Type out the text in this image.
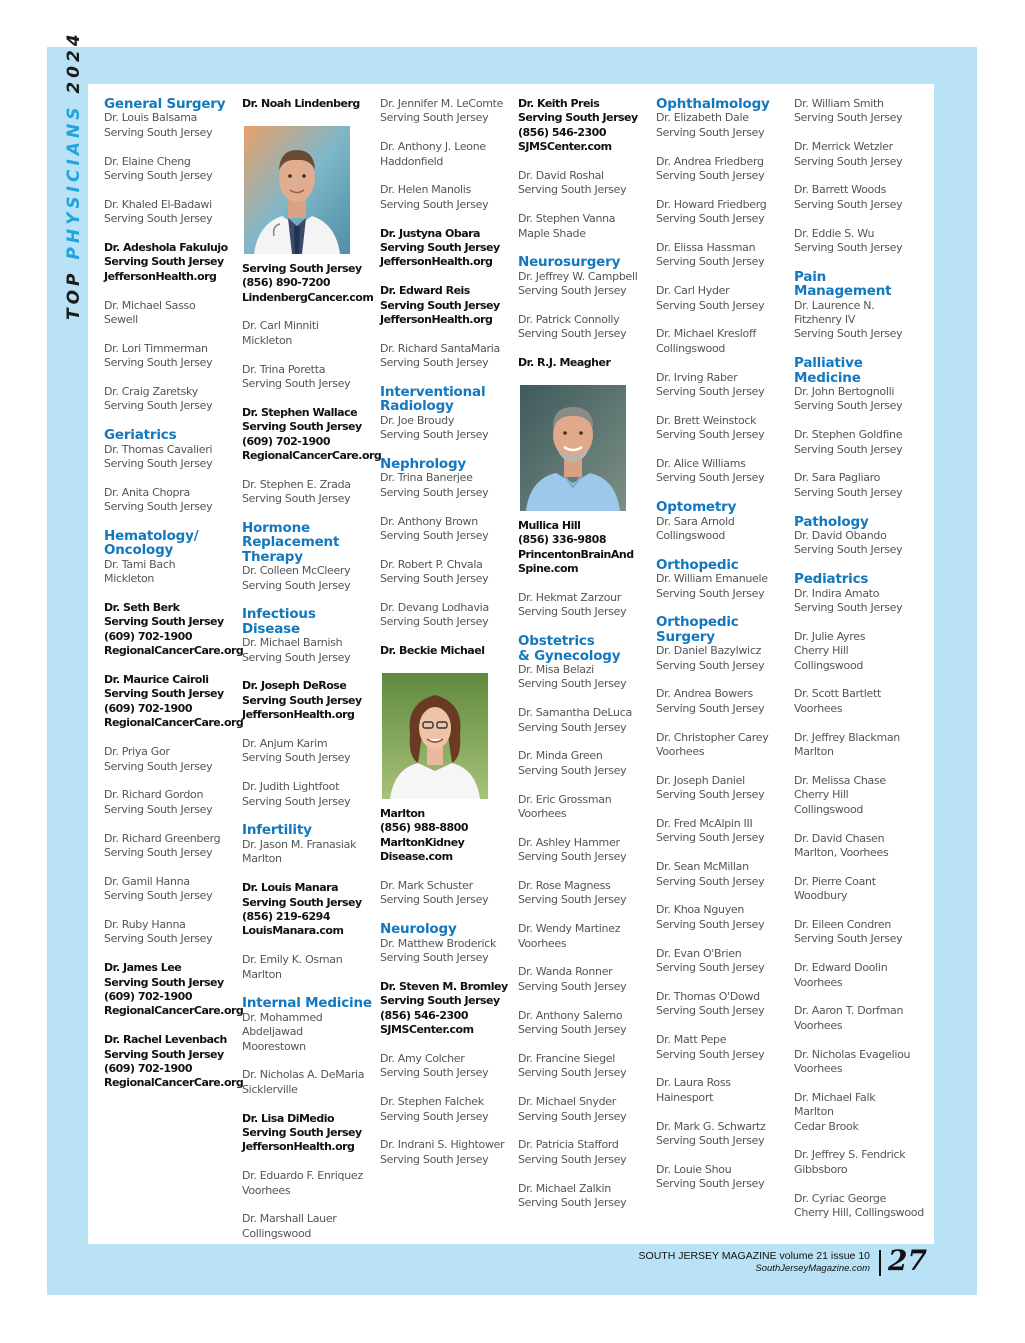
TOP PHYSICIANS 2024
General Surgery
Dr. Louis Balsama
Serving South Jersey
Dr. Elaine Cheng
Serving South Jersey
Dr. Khaled El-Badawi
Serving South Jersey
Dr. Adeshola Fakulujo
Serving South Jersey
JeffersonHealth.org
Dr. Michael Sasso
Sewell
Dr. Lori Timmerman
Serving South Jersey
Dr. Craig Zaretsky
Serving South Jersey
Geriatrics
Dr. Thomas Cavalieri
Serving South Jersey
Dr. Anita Chopra
Serving South Jersey
Hematology/
Oncology
Dr. Tami Bach
Mickleton
Dr. Seth Berk
Serving South Jersey
(609) 702-1900
RegionalCancerCare.org
Dr. Maurice Cairoli
Serving South Jersey
(609) 702-1900
RegionalCancerCare.org
Dr. Priya Gor
Serving South Jersey
Dr. Richard Gordon
Serving South Jersey
Dr. Richard Greenberg
Serving South Jersey
Dr. Gamil Hanna
Serving South Jersey
Dr. Ruby Hanna
Serving South Jersey
Dr. James Lee
Serving South Jersey
(609) 702-1900
RegionalCancerCare.org
Dr. Rachel Levenbach
Serving South Jersey
(609) 702-1900
RegionalCancerCare.org
Dr. Noah Lindenberg
Serving South Jersey
(856) 890-7200
LindenbergCancer.com
Dr. Carl Minniti
Mickleton
Dr. Trina Poretta
Serving South Jersey
Dr. Stephen Wallace
Serving South Jersey
(609) 702-1900
RegionalCancerCare.org
Dr. Stephen E. Zrada
Serving South Jersey
Hormone
Replacement
Therapy
Dr. Colleen McCleery
Serving South Jersey
Infectious
Disease
Dr. Michael Barnish
Serving South Jersey
Dr. Joseph DeRose
Serving South Jersey
JeffersonHealth.org
Dr. Anjum Karim
Serving South Jersey
Dr. Judith Lightfoot
Serving South Jersey
Infertility
Dr. Jason M. Franasiak
Marlton
Dr. Louis Manara
Serving South Jersey
(856) 219-6294
LouisManara.com
Dr. Emily K. Osman
Marlton
Internal Medicine
Dr. Mohammed
Abdeljawad
Moorestown
Dr. Nicholas A. DeMaria
Sicklerville
Dr. Lisa DiMedio
Serving South Jersey
JeffersonHealth.org
Dr. Eduardo F. Enriquez
Voorhees
Dr. Marshall Lauer
Collingswood
Dr. Jennifer M. LeComte
Serving South Jersey
Dr. Anthony J. Leone
Haddonfield
Dr. Helen Manolis
Serving South Jersey
Dr. Justyna Obara
Serving South Jersey
JeffersonHealth.org
Dr. Edward Reis
Serving South Jersey
JeffersonHealth.org
Dr. Richard SantaMaria
Serving South Jersey
Interventional
Radiology
Dr. Joe Broudy
Serving South Jersey
Nephrology
Dr. Trina Banerjee
Serving South Jersey
Dr. Anthony Brown
Serving South Jersey
Dr. Robert P. Chvala
Serving South Jersey
Dr. Devang Lodhavia
Serving South Jersey
Dr. Beckie Michael
Marlton
(856) 988-8800
MarltonKidney
Disease.com
Dr. Mark Schuster
Serving South Jersey
Neurology
Dr. Matthew Broderick
Serving South Jersey
Dr. Steven M. Bromley
Serving South Jersey
(856) 546-2300
SJMSCenter.com
Dr. Amy Colcher
Serving South Jersey
Dr. Stephen Falchek
Serving South Jersey
Dr. Indrani S. Hightower
Serving South Jersey
Dr. Keith Preis
Serving South Jersey
(856) 546-2300
SJMSCenter.com
Dr. David Roshal
Serving South Jersey
Dr. Stephen Vanna
Maple Shade
Neurosurgery
Dr. Jeffrey W. Campbell
Serving South Jersey
Dr. Patrick Connolly
Serving South Jersey
Dr. R.J. Meagher
Mullica Hill
(856) 336-9808
PrincentonBrainAnd
Spine.com
Dr. Hekmat Zarzour
Serving South Jersey
Obstetrics
& Gynecology
Dr. Misa Belazi
Serving South Jersey
Dr. Samantha DeLuca
Serving South Jersey
Dr. Minda Green
Serving South Jersey
Dr. Eric Grossman
Voorhees
Dr. Ashley Hammer
Serving South Jersey
Dr. Rose Magness
Serving South Jersey
Dr. Wendy Martinez
Voorhees
Dr. Wanda Ronner
Serving South Jersey
Dr. Anthony Salerno
Serving South Jersey
Dr. Francine Siegel
Serving South Jersey
Dr. Michael Snyder
Serving South Jersey
Dr. Patricia Stafford
Serving South Jersey
Dr. Michael Zalkin
Serving South Jersey
Ophthalmology
Dr. Elizabeth Dale
Serving South Jersey
Dr. Andrea Friedberg
Serving South Jersey
Dr. Howard Friedberg
Serving South Jersey
Dr. Elissa Hassman
Serving South Jersey
Dr. Carl Hyder
Serving South Jersey
Dr. Michael Kresloff
Collingswood
Dr. Irving Raber
Serving South Jersey
Dr. Brett Weinstock
Serving South Jersey
Dr. Alice Williams
Serving South Jersey
Optometry
Dr. Sara Arnold
Collingswood
Orthopedic
Dr. William Emanuele
Serving South Jersey
Orthopedic
Surgery
Dr. Daniel Bazylwicz
Serving South Jersey
Dr. Andrea Bowers
Serving South Jersey
Dr. Christopher Carey
Voorhees
Dr. Joseph Daniel
Serving South Jersey
Dr. Fred McAlpin III
Serving South Jersey
Dr. Sean McMillan
Serving South Jersey
Dr. Khoa Nguyen
Serving South Jersey
Dr. Evan O'Brien
Serving South Jersey
Dr. Thomas O'Dowd
Serving South Jersey
Dr. Matt Pepe
Serving South Jersey
Dr. Laura Ross
Hainesport
Dr. Mark G. Schwartz
Serving South Jersey
Dr. Louie Shou
Serving South Jersey
Dr. William Smith
Serving South Jersey
Dr. Merrick Wetzler
Serving South Jersey
Dr. Barrett Woods
Serving South Jersey
Dr. Eddie S. Wu
Serving South Jersey
Pain
Management
Dr. Laurence N.
Fitzhenry IV
Serving South Jersey
Palliative
Medicine
Dr. John Bertognolli
Serving South Jersey
Dr. Stephen Goldfine
Serving South Jersey
Dr. Sara Pagliaro
Serving South Jersey
Pathology
Dr. David Obando
Serving South Jersey
Pediatrics
Dr. Indira Amato
Serving South Jersey
Dr. Julie Ayres
Cherry Hill
Collingswood
Dr. Scott Bartlett
Voorhees
Dr. Jeffrey Blackman
Marlton
Dr. Melissa Chase
Cherry Hill
Collingswood
Dr. David Chasen
Marlton, Voorhees
Dr. Pierre Coant
Woodbury
Dr. Eileen Condren
Serving South Jersey
Dr. Edward Doolin
Voorhees
Dr. Aaron T. Dorfman
Voorhees
Dr. Nicholas Evageliou
Voorhees
Dr. Michael Falk
Marlton
Cedar Brook
Dr. Jeffrey S. Fendrick
Gibbsboro
Dr. Cyriac George
Cherry Hill, Collingswood
SOUTH JERSEY MAGAZINE volume 21 issue 10
SouthJerseyMagazine.com 27
